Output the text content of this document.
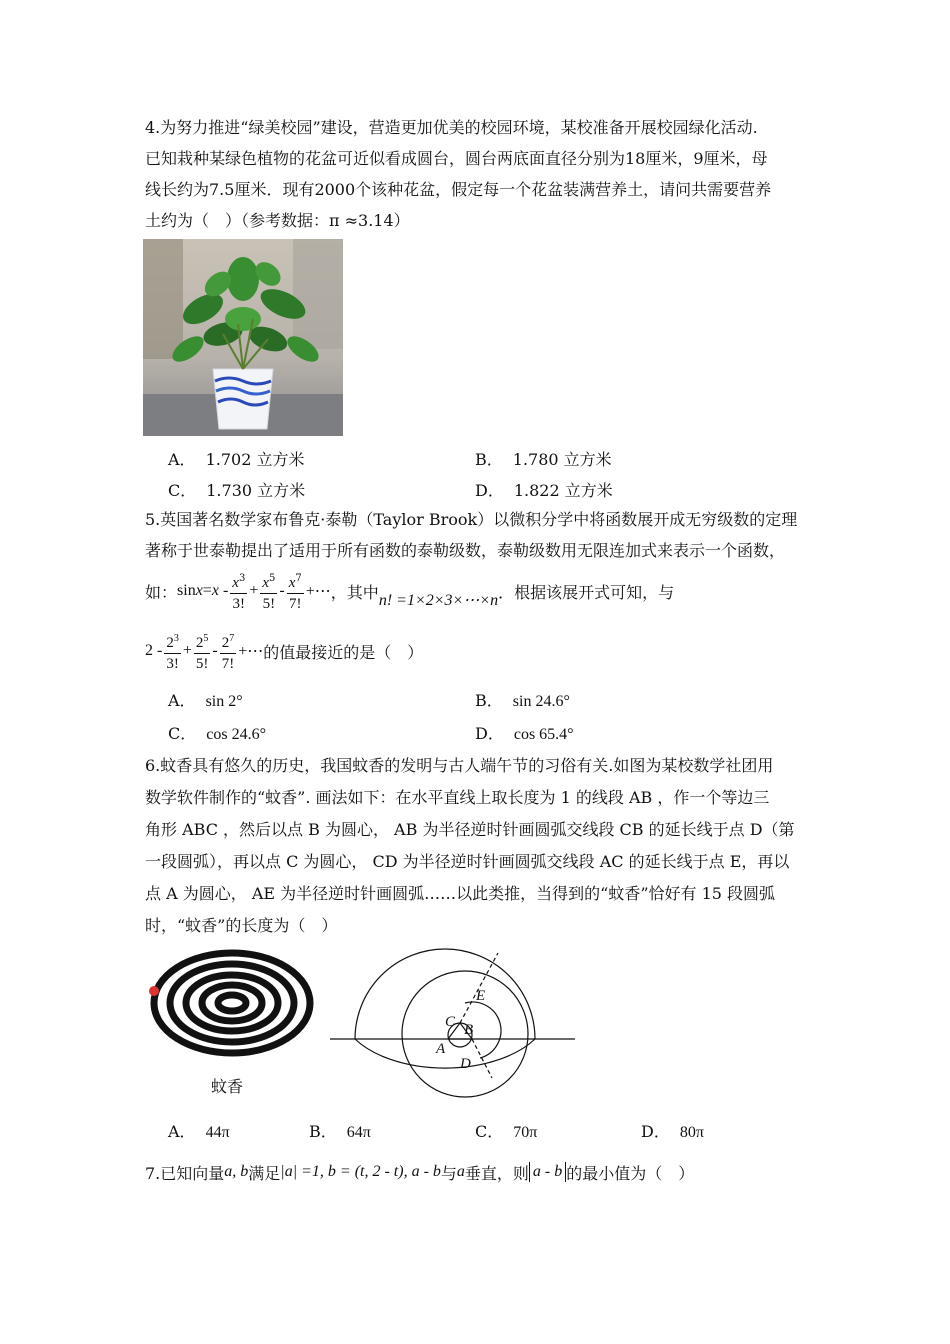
4.为努力推进“绿美校园”建设，营造更加优美的校园环境，某校准备开展校园绿化活动.
已知栽种某绿色植物的花盆可近似看成圆台，圆台两底面直径分别为18厘米，9厘米，母
线长约为7.5厘米．现有2000个该种花盆，假定每一个花盆装满营养土，请问共需要营养
土约为（　）（参考数据：π ≈3.14）
A． 1.702 立方米	B． 1.780 立方米
C． 1.730 立方米	D． 1.822 立方米
5.英国著名数学家布鲁克·泰勒（Taylor Brook）以微积分学中将函数展开成无穷级数的定理
著称于世泰勒提出了适用于所有函数的泰勒级数，泰勒级数用无限连加式来表示一个函数，
如： $\sin x = x - \frac{x^3}{3!} + \frac{x^5}{5!} - \frac{x^7}{7!}$ +⋯ ，其中 n! =1×2×3×⋯×n ．根据该展开式可知，与
$2 - \frac{2^3}{3!} + \frac{2^5}{5!} - \frac{2^7}{7!}$ +⋯ 的值最接近的是（　）
A． sin 2°	B． sin 24.6°
C． cos 24.6°	D． cos 65.4°
6.蚊香具有悠久的历史，我国蚊香的发明与古人端午节的习俗有关.如图为某校数学社团用
数学软件制作的“蚊香”. 画法如下：在水平直线上取长度为 1 的线段 AB ，作一个等边三
角形 ABC ，然后以点 B 为圆心， AB 为半径逆时针画圆弧交线段 CB 的延长线于点 D（第
一段圆弧），再以点 C 为圆心， CD 为半径逆时针画圆弧交线段 AC 的延长线于点 E，再以
点 A 为圆心， AE 为半径逆时针画圆弧……以此类推，当得到的“蚊香”恰好有 15 段圆弧
时，“蚊香”的长度为（　）
蚊香
E
C B
A
D
A． 44π	B． 64π	C． 70π	D． 80π
7.已知向量 a, b 满足 |a| =1, b = (t, 2 - t), a - b 与 a 垂直，则 a - b 的最小值为（　）
